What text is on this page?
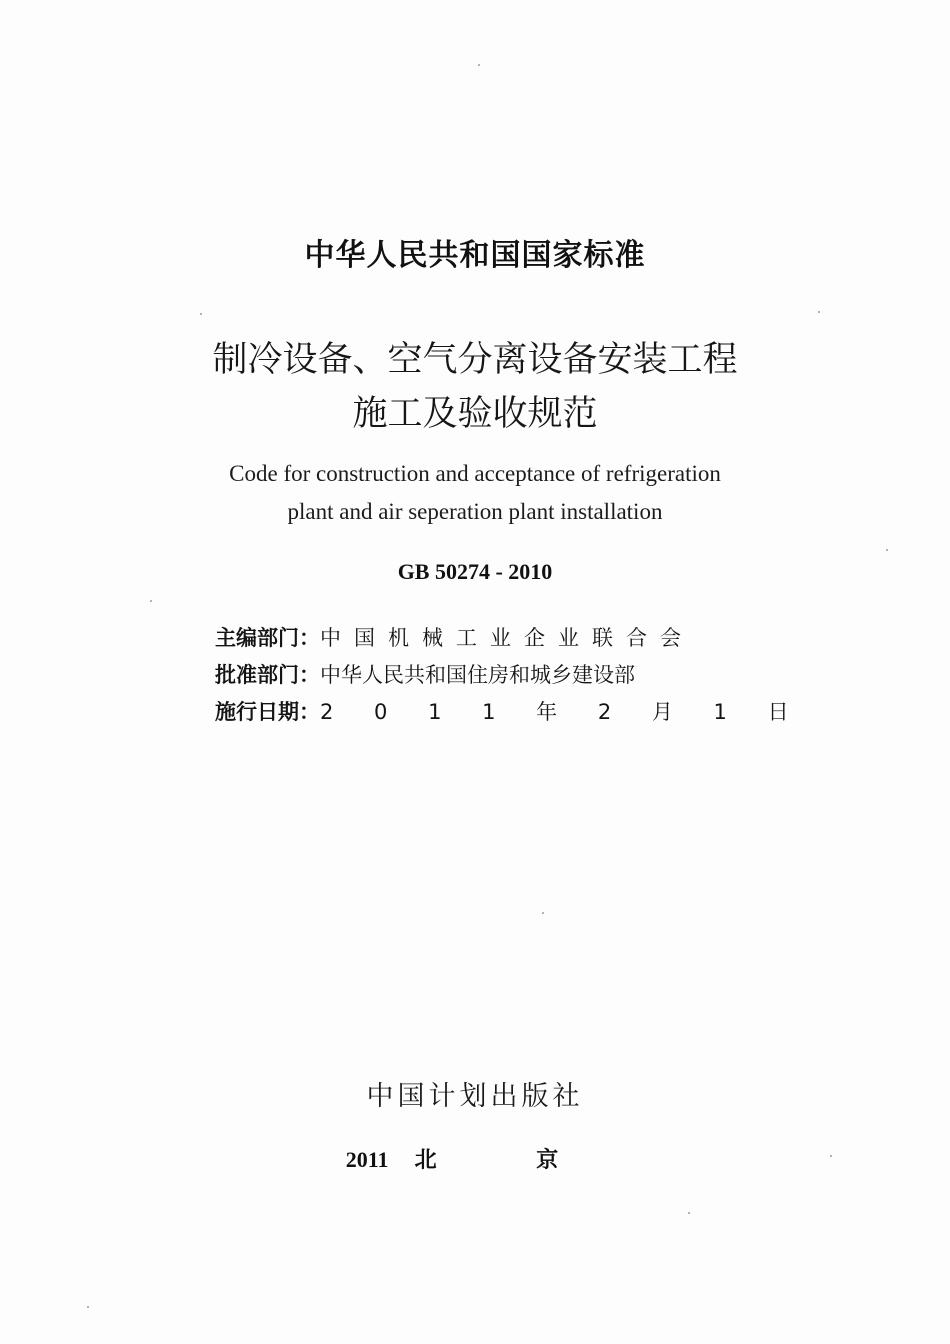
中华人民共和国国家标准
制冷设备、空气分离设备安装工程
施工及验收规范
Code for construction and acceptance of refrigeration
plant and air seperation plant installation
GB 50274 - 2010
主编部门： 中国机械工业企业联合会
批准部门： 中华人民共和国住房和城乡建设部
施行日期： 2 0 1 1 年 2 月 1 日
中国计划出版社
2011 北 京
